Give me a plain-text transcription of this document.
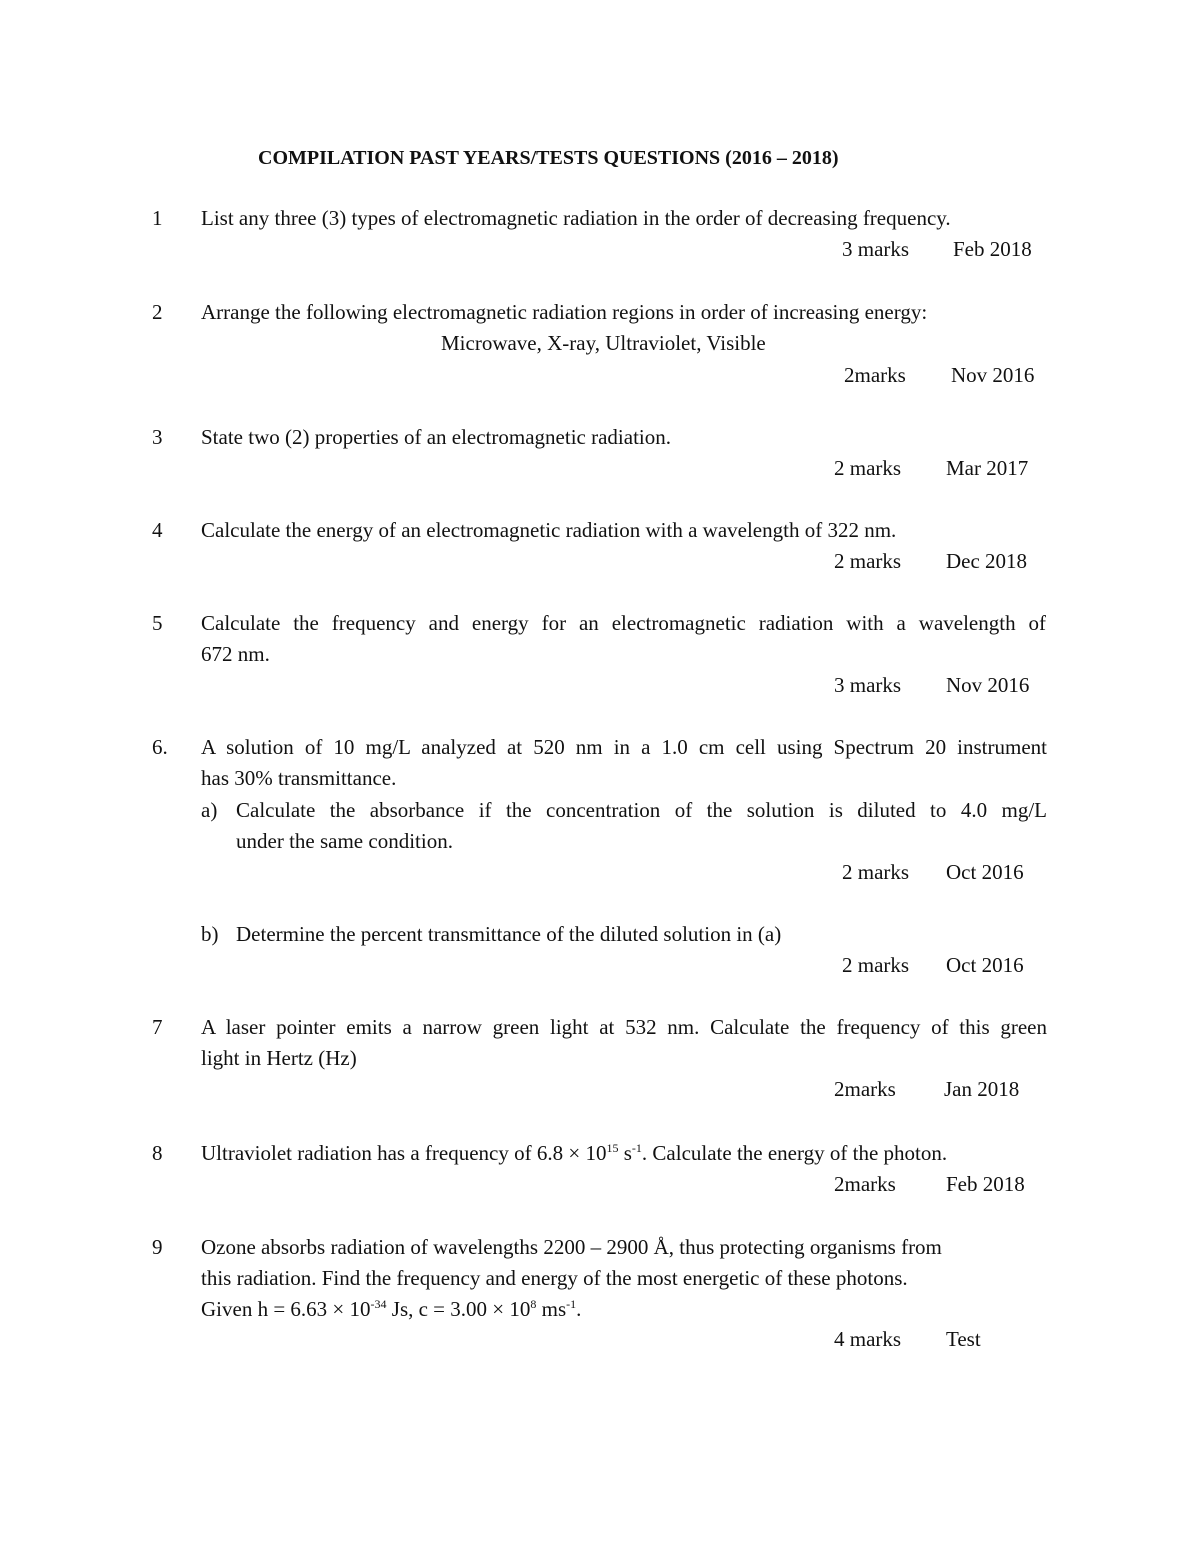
COMPILATION PAST YEARS/TESTS QUESTIONS (2016 – 2018)
1 List any three (3) types of electromagnetic radiation in the order of decreasing frequency.
3 marks Feb 2018
2 Arrange the following electromagnetic radiation regions in order of increasing energy:
Microwave, X-ray, Ultraviolet, Visible
2marks Nov 2016
3 State two (2) properties of an electromagnetic radiation.
2 marks Mar 2017
4 Calculate the energy of an electromagnetic radiation with a wavelength of 322 nm.
2 marks Dec 2018
5 Calculate the frequency and energy for an electromagnetic radiation with a wavelength of
672 nm.
3 marks Nov 2016
6. A solution of 10 mg/L analyzed at 520 nm in a 1.0 cm cell using Spectrum 20 instrument
has 30% transmittance.
a) Calculate the absorbance if the concentration of the solution is diluted to 4.0 mg/L
under the same condition.
2 marks Oct 2016
b) Determine the percent transmittance of the diluted solution in (a)
2 marks Oct 2016
7 A laser pointer emits a narrow green light at 532 nm. Calculate the frequency of this green
light in Hertz (Hz)
2marks Jan 2018
8 Ultraviolet radiation has a frequency of $6.8 \times 10^{15}$ $s^{-1}$. Calculate the energy of the photon.
2marks Feb 2018
9 Ozone absorbs radiation of wavelengths 2200 – 2900 Å, thus protecting organisms from
this radiation. Find the frequency and energy of the most energetic of these photons.
Given $h = 6.63 \times 10^{-34}$ Js, $c = 3.00 \times 10^8$ $ms^{-1}$.
4 marks Test
